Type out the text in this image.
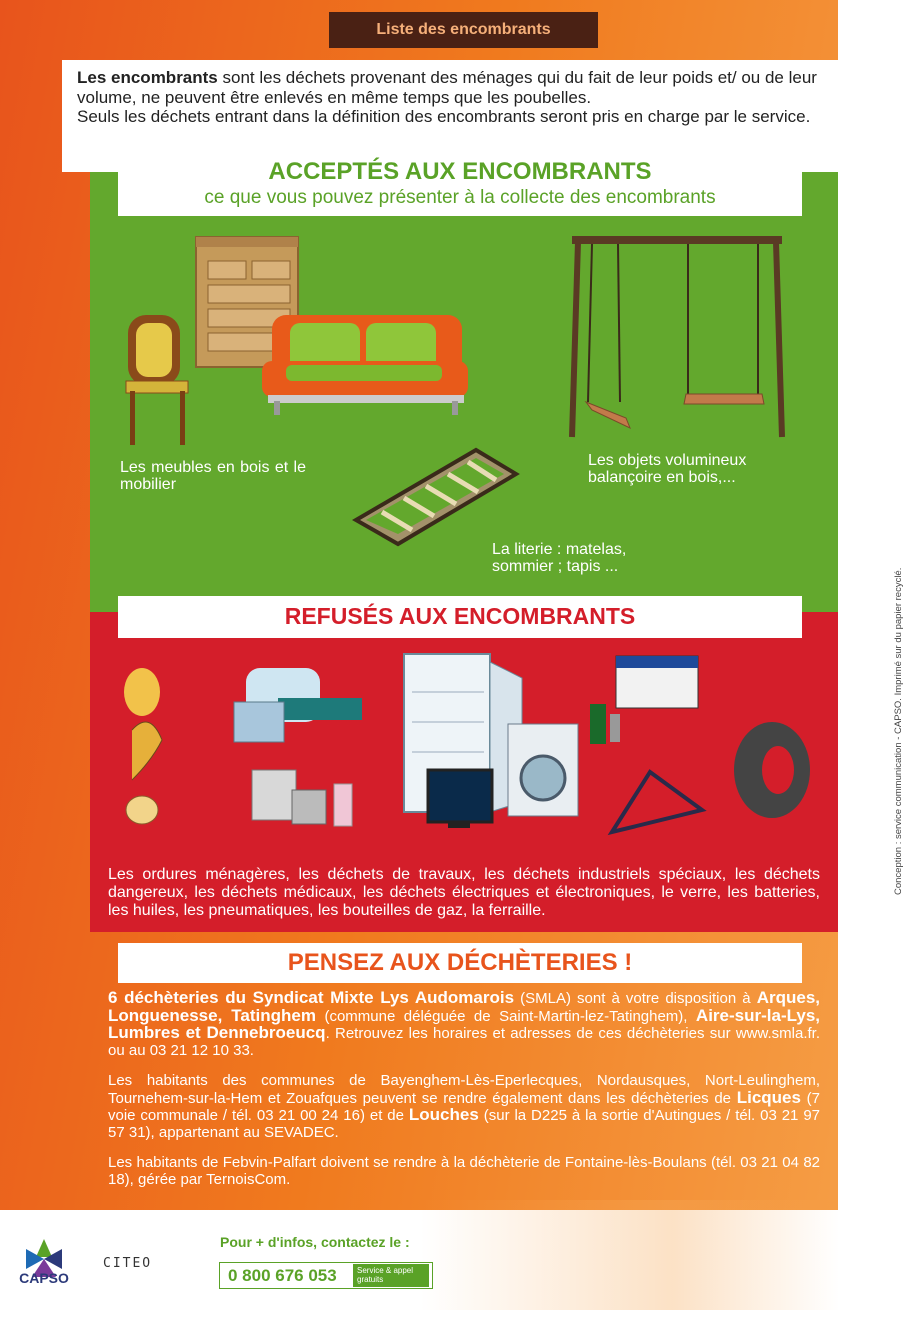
Liste des encombrants

Les encombrants sont les déchets provenant des ménages qui du fait de leur poids et/ ou de leur volume, ne peuvent être enlevés en même temps que les poubelles.
Seuls les déchets entrant dans la définition des encombrants seront pris en charge par le service.

ACCEPTÉS AUX ENCOMBRANTS
ce que vous pouvez présenter à la collecte des encombrants
Les meubles en bois et le mobilier
Les objets volumineux balançoire en bois,...
La literie : matelas, sommier ; tapis ...
REFUSÉS AUX ENCOMBRANTS
Les ordures ménagères, les déchets de travaux, les déchets industriels spéciaux, les déchets dangereux, les déchets médicaux, les déchets électriques et électroniques, le verre, les batteries, les huiles, les pneumatiques, les bouteilles de gaz, la ferraille.
PENSEZ AUX DÉCHÈTERIES !

6 déchèteries du Syndicat Mixte Lys Audomarois (SMLA) sont à votre disposition à Arques, Longuenesse, Tatinghem (commune déléguée de Saint-Martin-lez-Tatinghem), Aire-sur-la-Lys, Lumbres et Dennebroeucq. Retrouvez les horaires et adresses de ces déchèteries sur www.smla.fr. ou au 03 21 12 10 33.

Les habitants des communes de Bayenghem-Lès-Eperlecques, Nordausques, Nort-Leulinghem, Tournehem-sur-la-Hem et Zouafques peuvent se rendre également dans les déchèteries de Licques (7 voie communale / tél. 03 21 00 24 16) et de Louches (sur la D225 à la sortie d'Autingues / tél. 03 21 97 57 31), appartenant au SEVADEC.

Les habitants de Febvin-Palfart doivent se rendre à la déchèterie de Fontaine-lès-Boulans (tél. 03 21 04 82 18), gérée par TernoisCom.

CAPSO
CITEO
Pour + d'infos, contactez le :
0 800 676 053	Service & appel gratuits
Conception : service communication - CAPSO. Imprimé sur du papier recyclé.
